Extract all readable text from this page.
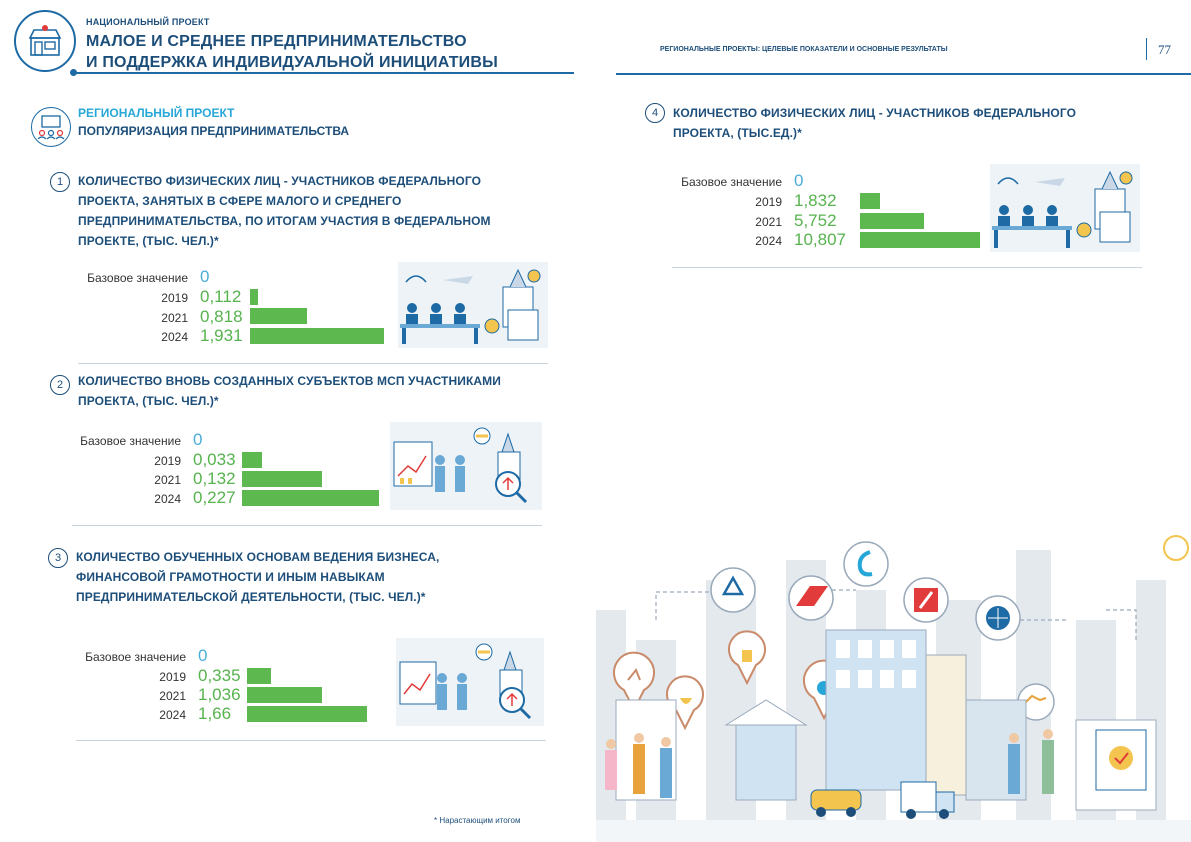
НАЦИОНАЛЬНЫЙ ПРОЕКТ
МАЛОЕ И СРЕДНЕЕ ПРЕДПРИНИМАТЕЛЬСТВО
И ПОДДЕРЖКА ИНДИВИДУАЛЬНОЙ ИНИЦИАТИВЫ
РЕГИОНАЛЬНЫЕ ПРОЕКТЫ: ЦЕЛЕВЫЕ ПОКАЗАТЕЛИ И ОСНОВНЫЕ РЕЗУЛЬТАТЫ	77
РЕГИОНАЛЬНЫЙ ПРОЕКТ
ПОПУЛЯРИЗАЦИЯ ПРЕДПРИНИМАТЕЛЬСТВА
1	КОЛИЧЕСТВО ФИЗИЧЕСКИХ ЛИЦ - УЧАСТНИКОВ ФЕДЕРАЛЬНОГО
ПРОЕКТА, ЗАНЯТЫХ В СФЕРЕ МАЛОГО И СРЕДНЕГО
ПРЕДПРИНИМАТЕЛЬСТВА, ПО ИТОГАМ УЧАСТИЯ В ФЕДЕРАЛЬНОМ
ПРОЕКТЕ, (ТЫС. ЧЕЛ.)*
Базовое значение 0
2019 0,112
2021 0,818
2024 1,931
2	КОЛИЧЕСТВО ВНОВЬ СОЗДАННЫХ СУБЪЕКТОВ МСП УЧАСТНИКАМИ
ПРОЕКТА, (ТЫС. ЧЕЛ.)*
Базовое значение 0
2019 0,033
2021 0,132
2024 0,227
3	КОЛИЧЕСТВО ОБУЧЕННЫХ ОСНОВАМ ВЕДЕНИЯ БИЗНЕСА,
ФИНАНСОВОЙ ГРАМОТНОСТИ И ИНЫМ НАВЫКАМ
ПРЕДПРИНИМАТЕЛЬСКОЙ ДЕЯТЕЛЬНОСТИ, (ТЫС. ЧЕЛ.)*
Базовое значение 0
2019 0,335
2021 1,036
2024 1,66
* Нарастающим итогом
4	КОЛИЧЕСТВО ФИЗИЧЕСКИХ ЛИЦ - УЧАСТНИКОВ ФЕДЕРАЛЬНОГО
ПРОЕКТА, (ТЫС.ЕД.)*
Базовое значение 0
2019 1,832
2021 5,752
2024 10,807
